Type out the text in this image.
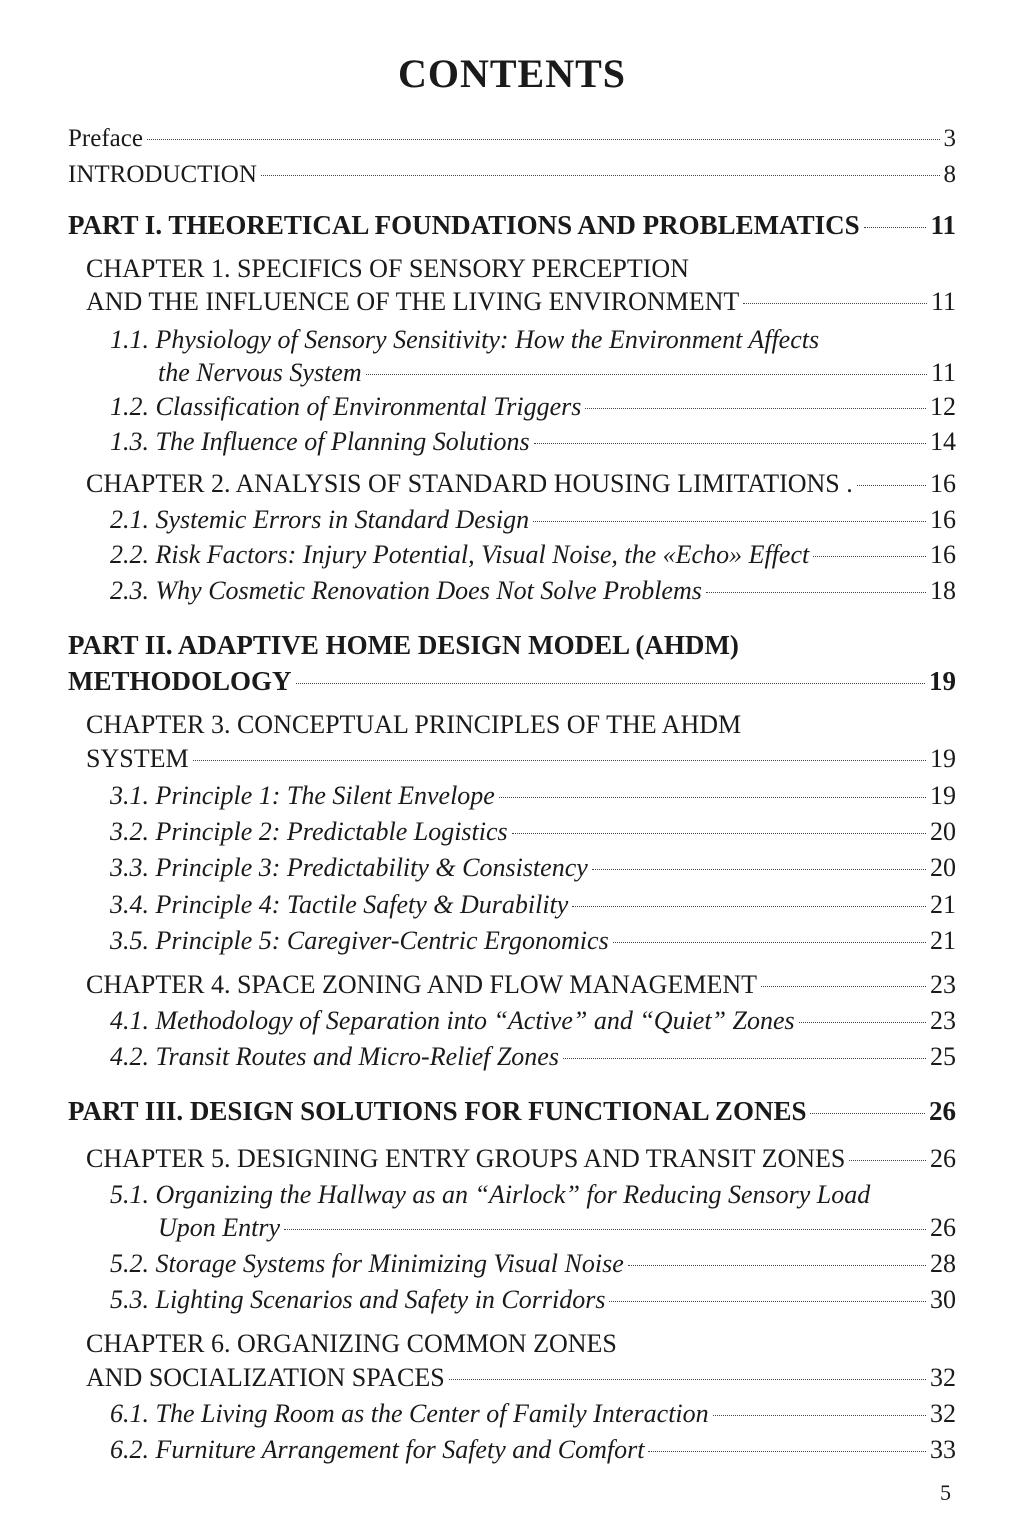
CONTENTS
Preface	3
INTRODUCTION	8
PART I. THEORETICAL FOUNDATIONS AND PROBLEMATICS	11
CHAPTER 1. SPECIFICS OF SENSORY PERCEPTION
AND THE INFLUENCE OF THE LIVING ENVIRONMENT	11
1.1. Physiology of Sensory Sensitivity: How the Environment Affects
the Nervous System	11
1.2. Classification of Environmental Triggers	12
1.3. The Influence of Planning Solutions	14
CHAPTER 2. ANALYSIS OF STANDARD HOUSING LIMITATIONS .	16
2.1. Systemic Errors in Standard Design	16
2.2. Risk Factors: Injury Potential, Visual Noise, the «Echo» Effect	16
2.3. Why Cosmetic Renovation Does Not Solve Problems	18
PART II. ADAPTIVE HOME DESIGN MODEL (AHDM)
METHODOLOGY	19
CHAPTER 3. CONCEPTUAL PRINCIPLES OF THE AHDM
SYSTEM	19
3.1. Principle 1: The Silent Envelope	19
3.2. Principle 2: Predictable Logistics	20
3.3. Principle 3: Predictability & Consistency	20
3.4. Principle 4: Tactile Safety & Durability	21
3.5. Principle 5: Caregiver-Centric Ergonomics	21
CHAPTER 4. SPACE ZONING AND FLOW MANAGEMENT	23
4.1. Methodology of Separation into “Active” and “Quiet” Zones	23
4.2. Transit Routes and Micro-Relief Zones	25
PART III. DESIGN SOLUTIONS FOR FUNCTIONAL ZONES	26
CHAPTER 5. DESIGNING ENTRY GROUPS AND TRANSIT ZONES	26
5.1. Organizing the Hallway as an “Airlock” for Reducing Sensory Load
Upon Entry	26
5.2. Storage Systems for Minimizing Visual Noise	28
5.3. Lighting Scenarios and Safety in Corridors	30
CHAPTER 6. ORGANIZING COMMON ZONES
AND SOCIALIZATION SPACES	32
6.1. The Living Room as the Center of Family Interaction	32
6.2. Furniture Arrangement for Safety and Comfort	33
5
